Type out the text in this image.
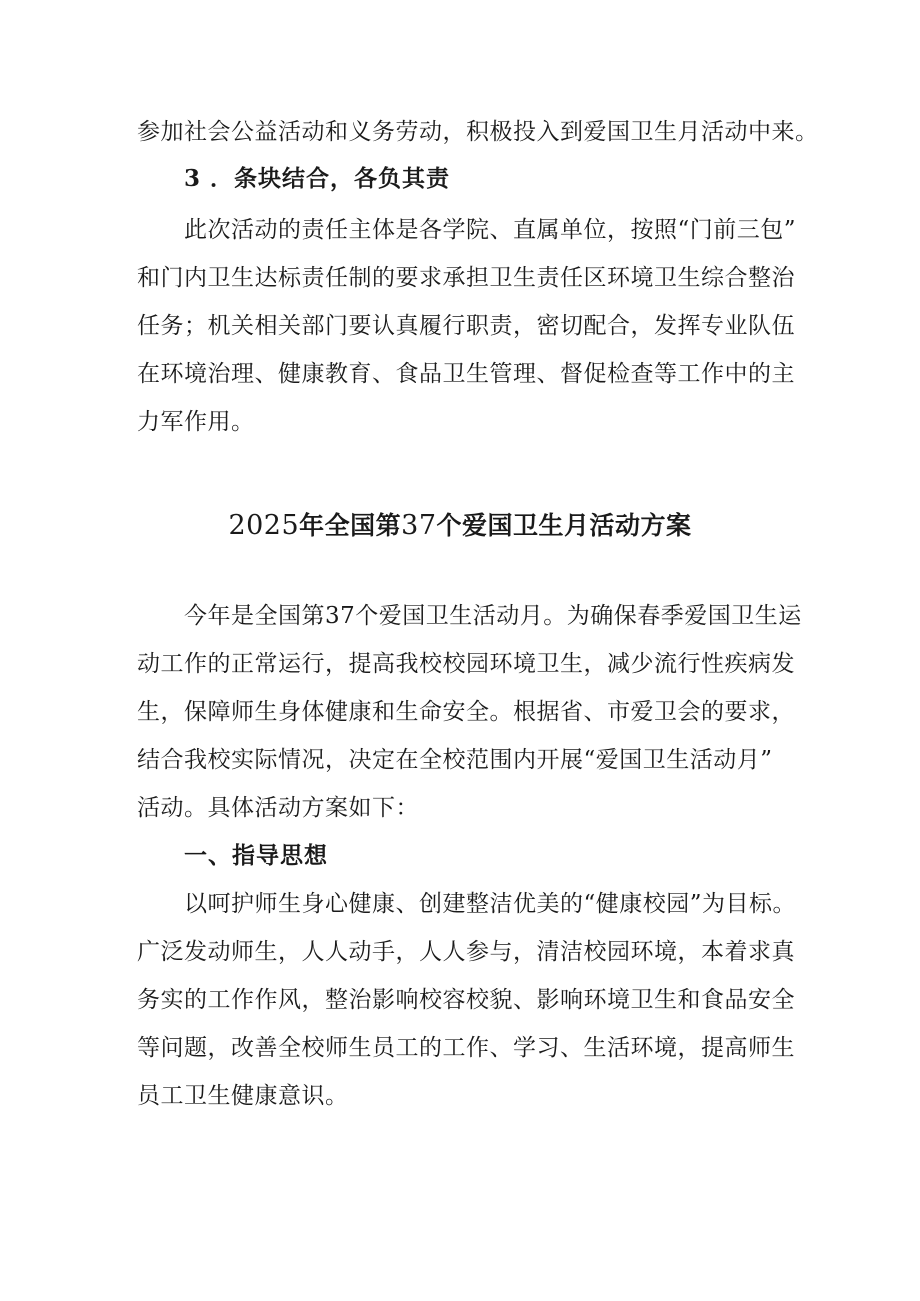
参加社会公益活动和义务劳动，积极投入到爱国卫生月活动中来。
3 ．条块结合，各负其责
此次活动的责任主体是各学院、直属单位，按照“门前三包”
和门内卫生达标责任制的要求承担卫生责任区环境卫生综合整治
任务；机关相关部门要认真履行职责，密切配合，发挥专业队伍
在环境治理、健康教育、食品卫生管理、督促检查等工作中的主
力军作用。
2025年全国第37个爱国卫生月活动方案
今年是全国第37个爱国卫生活动月。为确保春季爱国卫生运
动工作的正常运行，提高我校校园环境卫生，减少流行性疾病发
生，保障师生身体健康和生命安全。根据省、市爱卫会的要求，
结合我校实际情况，决定在全校范围内开展“爱国卫生活动月”
活动。具体活动方案如下：
一、指导思想
以呵护师生身心健康、创建整洁优美的“健康校园”为目标。
广泛发动师生，人人动手，人人参与，清洁校园环境，本着求真
务实的工作作风，整治影响校容校貌、影响环境卫生和食品安全
等问题，改善全校师生员工的工作、学习、生活环境，提高师生
员工卫生健康意识。
